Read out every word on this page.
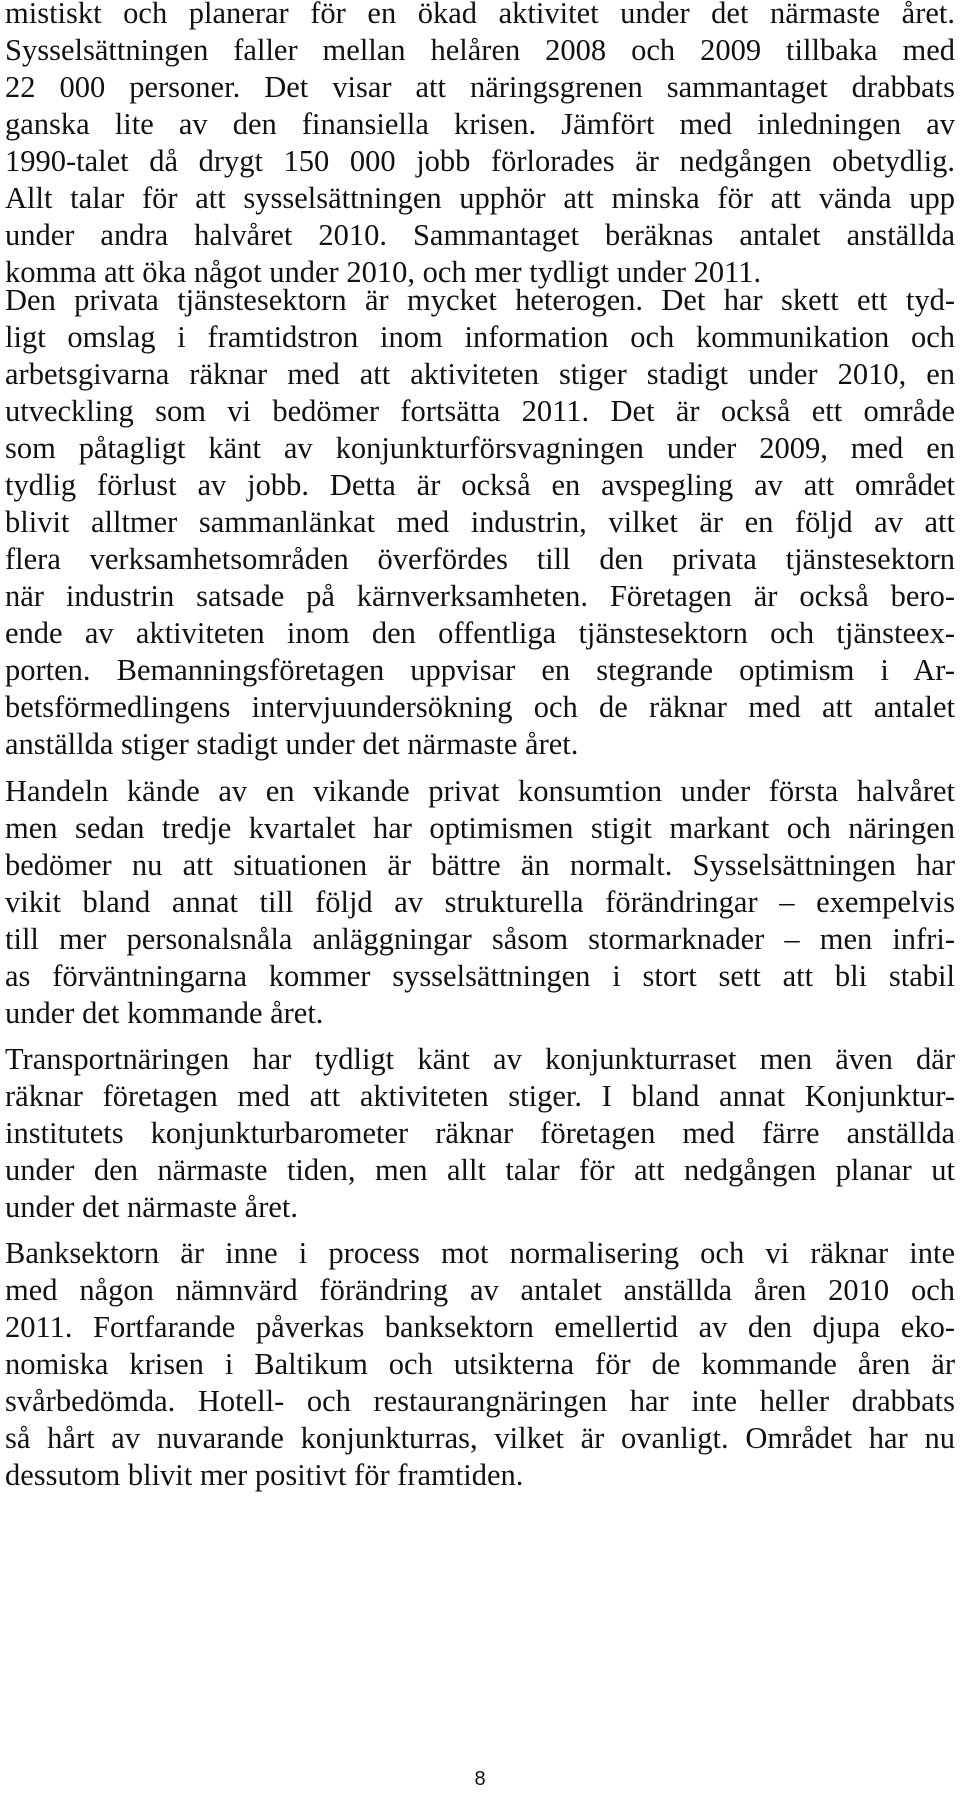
mistiskt och planerar för en ökad aktivitet under det närmaste året.
Sysselsättningen faller mellan helåren 2008 och 2009 tillbaka med
22 000 personer. Det visar att näringsgrenen sammantaget drabbats
ganska lite av den finansiella krisen. Jämfört med inledningen av
1990-talet då drygt 150 000 jobb förlorades är nedgången obetydlig.
Allt talar för att sysselsättningen upphör att minska för att vända upp
under andra halvåret 2010. Sammantaget beräknas antalet anställda
komma att öka något under 2010, och mer tydligt under 2011.
Den privata tjänstesektorn är mycket heterogen. Det har skett ett tyd-
ligt omslag i framtidstron inom information och kommunikation och
arbetsgivarna räknar med att aktiviteten stiger stadigt under 2010, en
utveckling som vi bedömer fortsätta 2011. Det är också ett område
som påtagligt känt av konjunkturförsvagningen under 2009, med en
tydlig förlust av jobb. Detta är också en avspegling av att området
blivit alltmer sammanlänkat med industrin, vilket är en följd av att
flera verksamhetsområden överfördes till den privata tjänstesektorn
när industrin satsade på kärnverksamheten. Företagen är också bero-
ende av aktiviteten inom den offentliga tjänstesektorn och tjänsteex-
porten. Bemanningsföretagen uppvisar en stegrande optimism i Ar-
betsförmedlingens intervjuundersökning och de räknar med att antalet
anställda stiger stadigt under det närmaste året.
Handeln kände av en vikande privat konsumtion under första halvåret
men sedan tredje kvartalet har optimismen stigit markant och näringen
bedömer nu att situationen är bättre än normalt. Sysselsättningen har
vikit bland annat till följd av strukturella förändringar – exempelvis
till mer personalsnåla anläggningar såsom stormarknader – men infri-
as förväntningarna kommer sysselsättningen i stort sett att bli stabil
under det kommande året.
Transportnäringen har tydligt känt av konjunkturraset men även där
räknar företagen med att aktiviteten stiger. I bland annat Konjunktur-
institutets konjunkturbarometer räknar företagen med färre anställda
under den närmaste tiden, men allt talar för att nedgången planar ut
under det närmaste året.
Banksektorn är inne i process mot normalisering och vi räknar inte
med någon nämnvärd förändring av antalet anställda åren 2010 och
2011. Fortfarande påverkas banksektorn emellertid av den djupa eko-
nomiska krisen i Baltikum och utsikterna för de kommande åren är
svårbedömda. Hotell- och restaurangnäringen har inte heller drabbats
så hårt av nuvarande konjunkturras, vilket är ovanligt. Området har nu
dessutom blivit mer positivt för framtiden.
8
